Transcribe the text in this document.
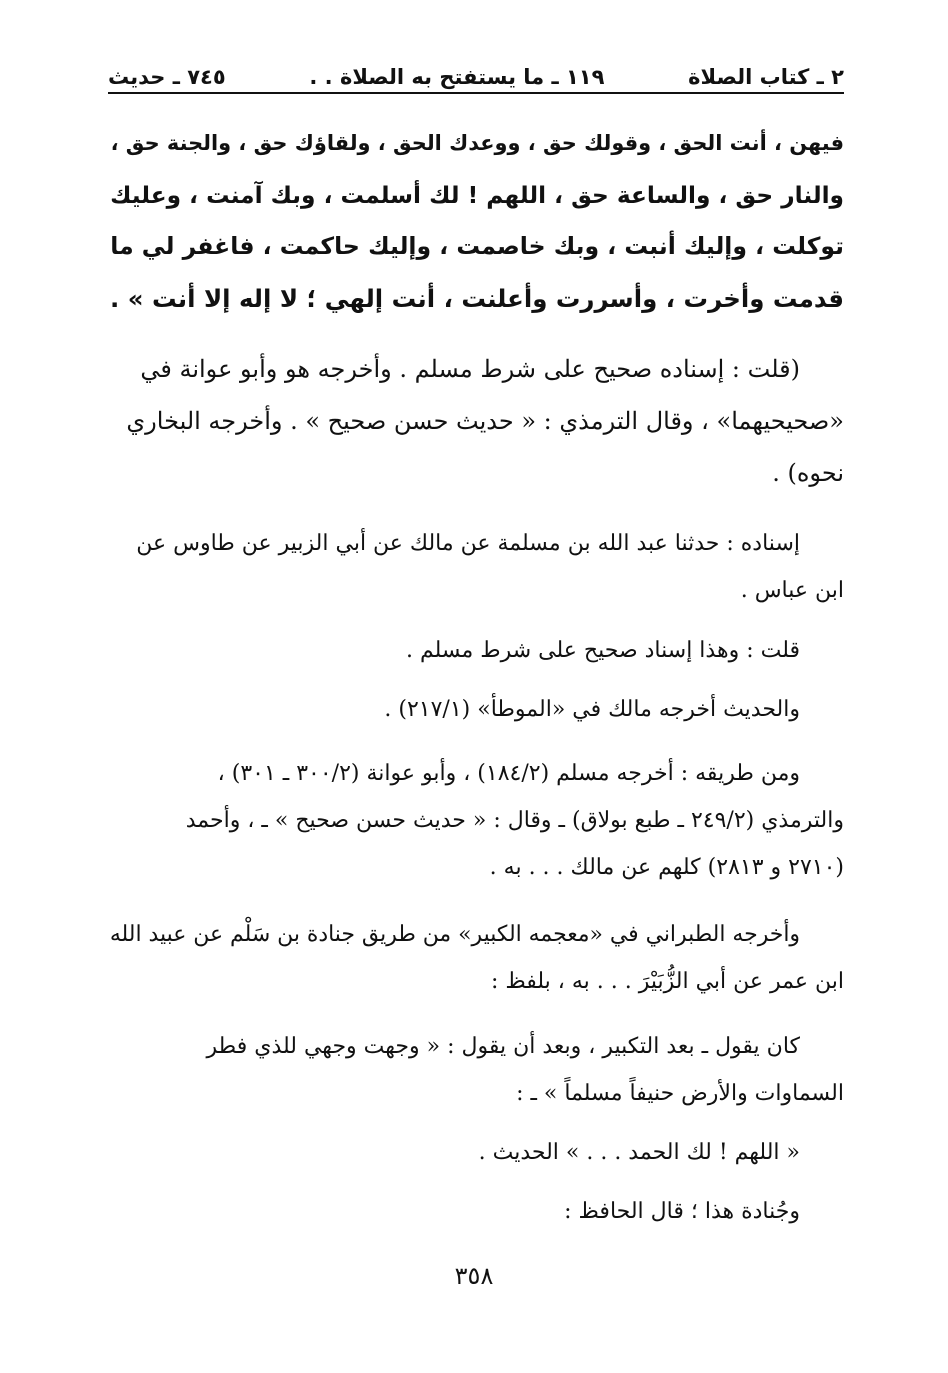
٢ ـ كتاب الصلاة
١١٩ ـ ما يستفتح به الصلاة . .
٧٤٥ ـ حديث

فيهن ، أنت الحق ، وقولك حق ، ووعدك الحق ، ولقاؤك حق ، والجنة حق ،
والنار حق ، والساعة حق ، اللهم ! لك أسلمت ، وبك آمنت ، وعليك
توكلت ، وإليك أنبت ، وبك خاصمت ، وإليك حاكمت ، فاغفر لي ما
قدمت وأخرت ، وأسررت وأعلنت ، أنت إلهي ؛ لا إله إلا أنت » .

(قلت : إسناده صحيح على شرط مسلم . وأخرجه هو وأبو عوانة في
«صحيحيهما» ، وقال الترمذي : « حديث حسن صحيح » . وأخرجه البخاري
نحوه) .

إسناده : حدثنا عبد الله بن مسلمة عن مالك عن أبي الزبير عن طاوس عن
ابن عباس .

قلت : وهذا إسناد صحيح على شرط مسلم .

والحديث أخرجه مالك في «الموطأ» (٢١٧/١) .

ومن طريقه : أخرجه مسلم (١٨٤/٢) ، وأبو عوانة (٣٠٠/٢ ـ ٣٠١) ،
والترمذي (٢٤٩/٢ ـ طبع بولاق) ـ وقال : « حديث حسن صحيح » ـ ، وأحمد
(٢٧١٠ و ٢٨١٣) كلهم عن مالك . . . به .

وأخرجه الطبراني في «معجمه الكبير» من طريق جنادة بن سَلْم عن عبيد الله
ابن عمر عن أبي الزُّبَيْرَ . . . به ، بلفظ :

كان يقول ـ بعد التكبير ، وبعد أن يقول : « وجهت وجهي للذي فطر
السماوات والأرض حنيفاً مسلماً » ـ :

« اللهم ! لك الحمد . . . » الحديث .

وجُنادة هذا ؛ قال الحافظ :

٣٥٨
